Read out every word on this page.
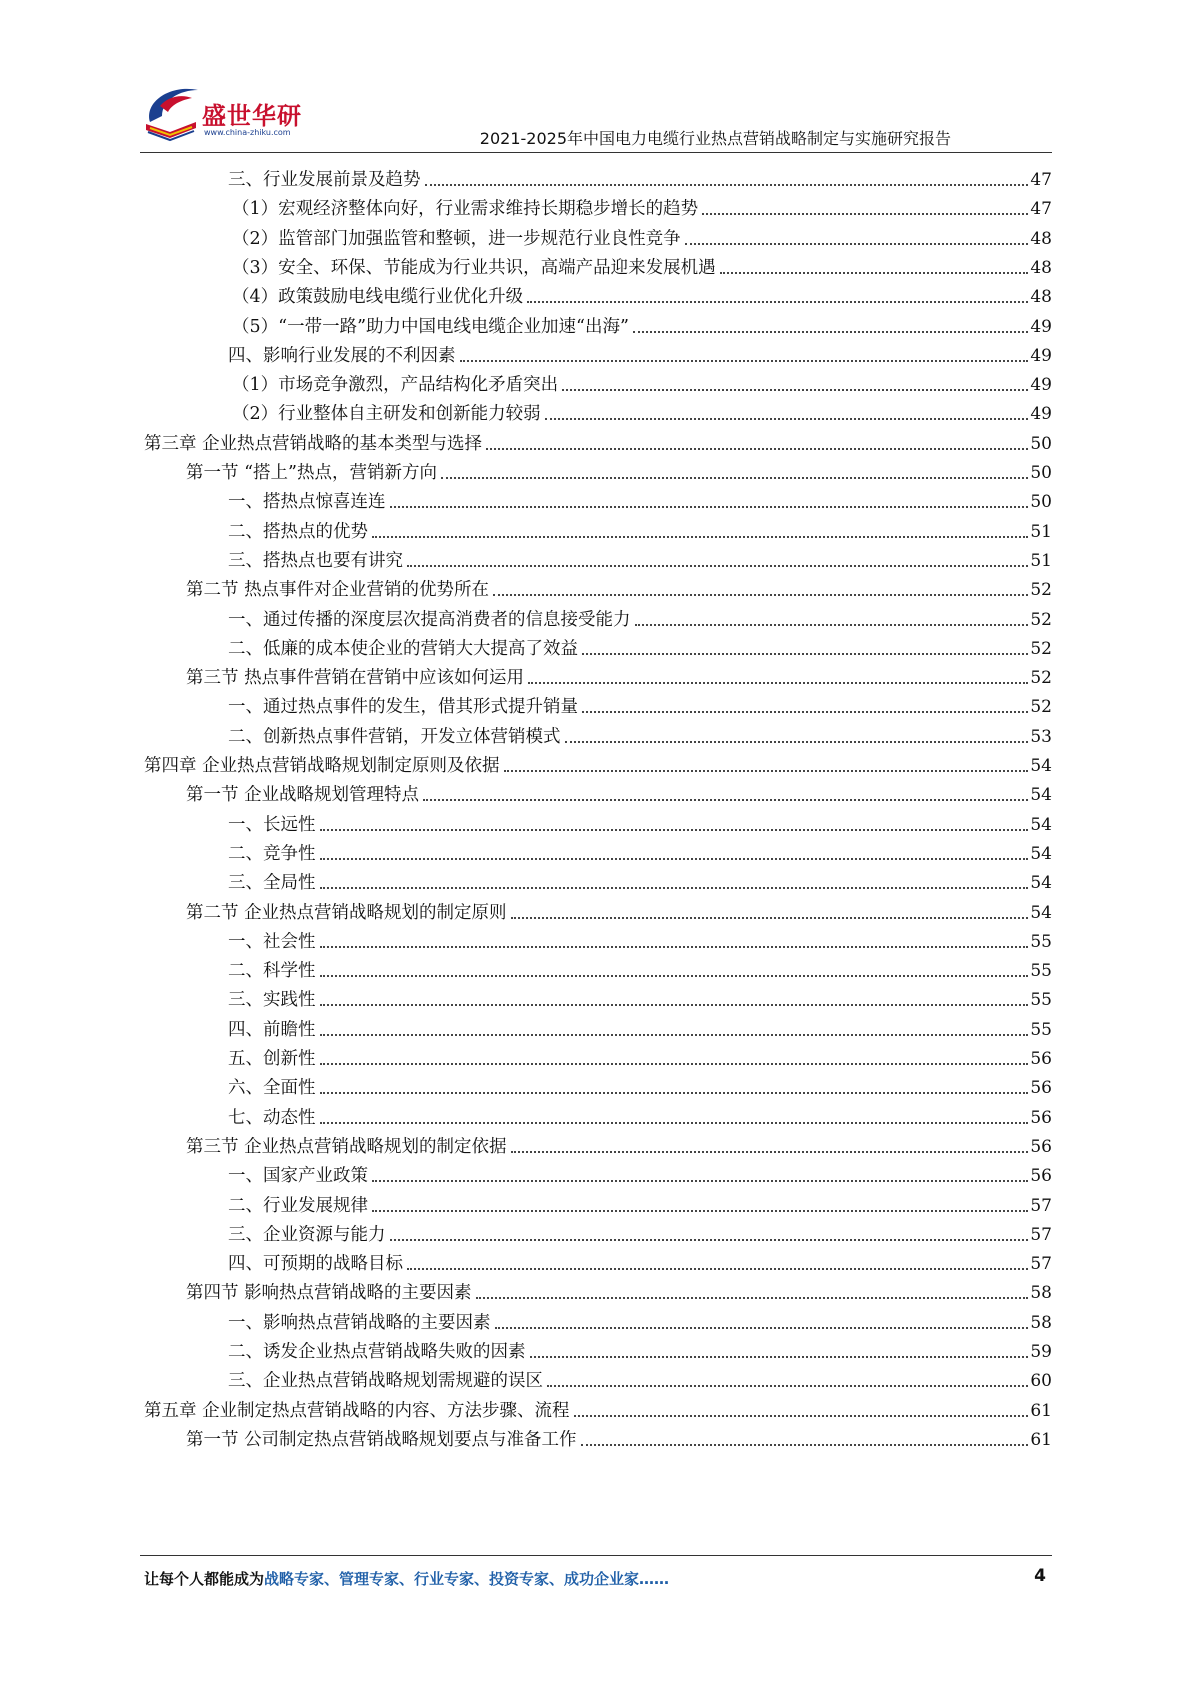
盛世华研
www.china-zhiku.com	2021-2025年中国电力电缆行业热点营销战略制定与实施研究报告
三、行业发展前景及趋势	47
（1）宏观经济整体向好，行业需求维持长期稳步增长的趋势	47
（2）监管部门加强监管和整顿，进一步规范行业良性竞争	48
（3）安全、环保、节能成为行业共识，高端产品迎来发展机遇	48
（4）政策鼓励电线电缆行业优化升级	48
（5）“一带一路”助力中国电线电缆企业加速“出海”	49
四、影响行业发展的不利因素	49
（1）市场竞争激烈，产品结构化矛盾突出	49
（2）行业整体自主研发和创新能力较弱	49
第三章 企业热点营销战略的基本类型与选择	50
第一节 “搭上”热点，营销新方向	50
一、搭热点惊喜连连	50
二、搭热点的优势	51
三、搭热点也要有讲究	51
第二节 热点事件对企业营销的优势所在	52
一、通过传播的深度层次提高消费者的信息接受能力	52
二、低廉的成本使企业的营销大大提高了效益	52
第三节 热点事件营销在营销中应该如何运用	52
一、通过热点事件的发生，借其形式提升销量	52
二、创新热点事件营销，开发立体营销模式	53
第四章 企业热点营销战略规划制定原则及依据	54
第一节 企业战略规划管理特点	54
一、长远性	54
二、竞争性	54
三、全局性	54
第二节 企业热点营销战略规划的制定原则	54
一、社会性	55
二、科学性	55
三、实践性	55
四、前瞻性	55
五、创新性	56
六、全面性	56
七、动态性	56
第三节 企业热点营销战略规划的制定依据	56
一、国家产业政策	56
二、行业发展规律	57
三、企业资源与能力	57
四、可预期的战略目标	57
第四节 影响热点营销战略的主要因素	58
一、影响热点营销战略的主要因素	58
二、诱发企业热点营销战略失败的因素	59
三、企业热点营销战略规划需规避的误区	60
第五章 企业制定热点营销战略的内容、方法步骤、流程	61
第一节 公司制定热点营销战略规划要点与准备工作	61
让每个人都能成为战略专家、管理专家、行业专家、投资专家、成功企业家……	4
